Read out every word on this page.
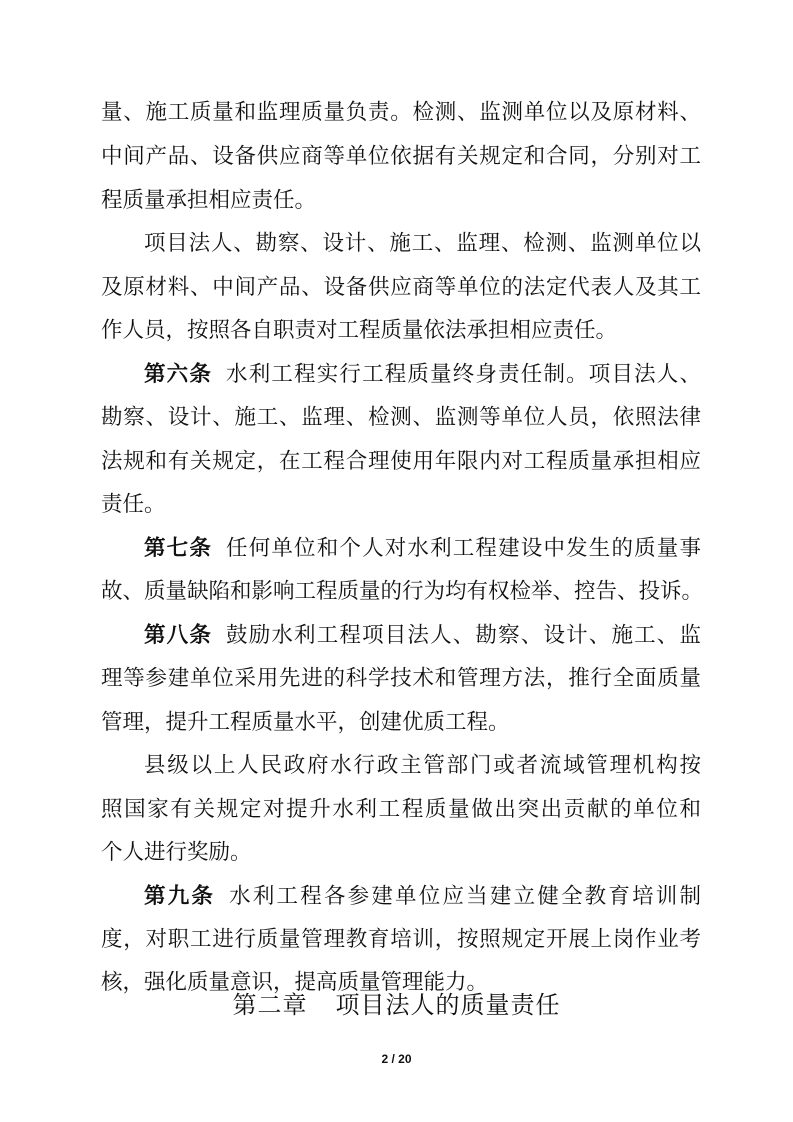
量、施工质量和监理质量负责。检测、监测单位以及原材料、
中间产品、设备供应商等单位依据有关规定和合同，分别对工
程质量承担相应责任。
项目法人、勘察、设计、施工、监理、检测、监测单位以
及原材料、中间产品、设备供应商等单位的法定代表人及其工
作人员，按照各自职责对工程质量依法承担相应责任。
第六条 水利工程实行工程质量终身责任制。项目法人、
勘察、设计、施工、监理、检测、监测等单位人员，依照法律
法规和有关规定，在工程合理使用年限内对工程质量承担相应
责任。
第七条 任何单位和个人对水利工程建设中发生的质量事
故、质量缺陷和影响工程质量的行为均有权检举、控告、投诉。
第八条 鼓励水利工程项目法人、勘察、设计、施工、监
理等参建单位采用先进的科学技术和管理方法，推行全面质量
管理，提升工程质量水平，创建优质工程。
县级以上人民政府水行政主管部门或者流域管理机构按
照国家有关规定对提升水利工程质量做出突出贡献的单位和
个人进行奖励。
第九条 水利工程各参建单位应当建立健全教育培训制
度，对职工进行质量管理教育培训，按照规定开展上岗作业考
核，强化质量意识，提高质量管理能力。
第二章 项目法人的质量责任
2 / 20
